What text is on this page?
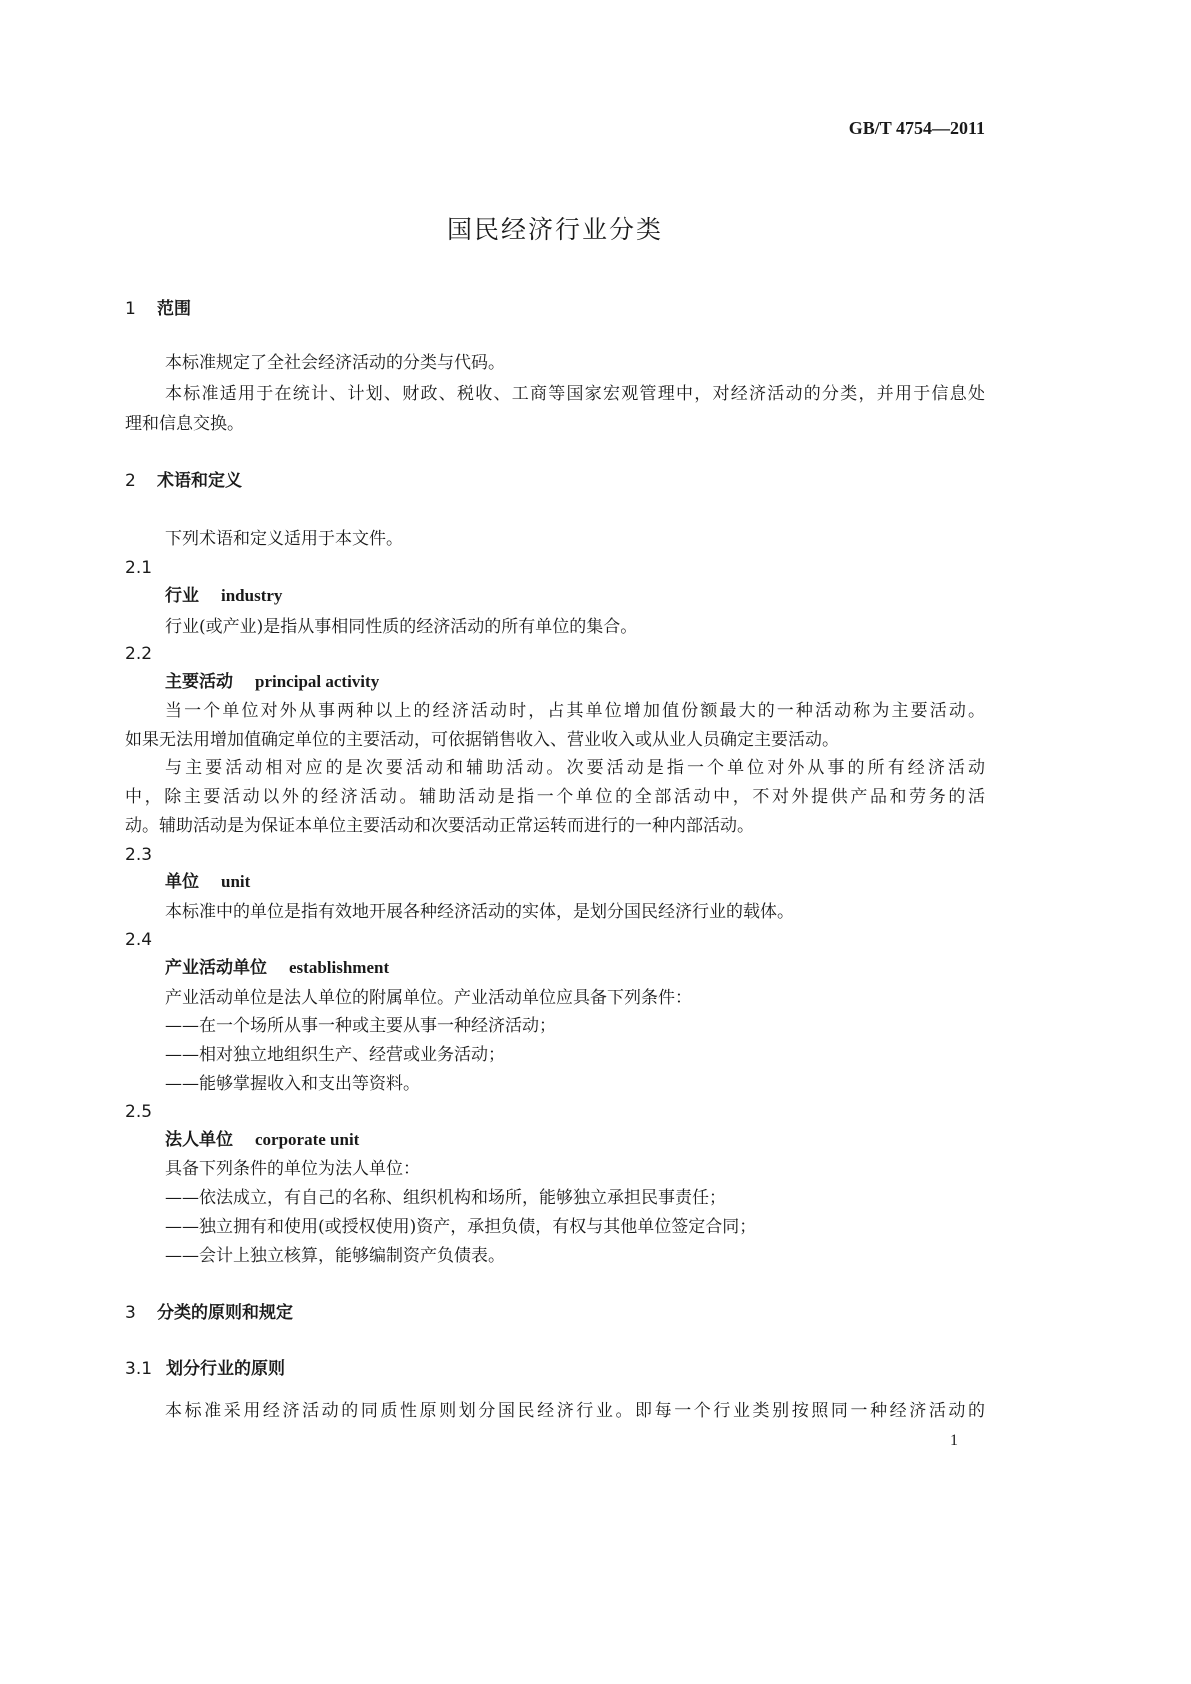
GB/T 4754—2011
国民经济行业分类
1 范围
本标准规定了全社会经济活动的分类与代码。
本标准适用于在统计、计划、财政、税收、工商等国家宏观管理中，对经济活动的分类，并用于信息处
理和信息交换。
2 术语和定义
下列术语和定义适用于本文件。
2.1
行业 industry
行业(或产业)是指从事相同性质的经济活动的所有单位的集合。
2.2
主要活动 principal activity
当一个单位对外从事两种以上的经济活动时，占其单位增加值份额最大的一种活动称为主要活动。
如果无法用增加值确定单位的主要活动，可依据销售收入、营业收入或从业人员确定主要活动。
与主要活动相对应的是次要活动和辅助活动。次要活动是指一个单位对外从事的所有经济活动
中，除主要活动以外的经济活动。辅助活动是指一个单位的全部活动中，不对外提供产品和劳务的活
动。辅助活动是为保证本单位主要活动和次要活动正常运转而进行的一种内部活动。
2.3
单位 unit
本标准中的单位是指有效地开展各种经济活动的实体，是划分国民经济行业的载体。
2.4
产业活动单位 establishment
产业活动单位是法人单位的附属单位。产业活动单位应具备下列条件：
——在一个场所从事一种或主要从事一种经济活动；
——相对独立地组织生产、经营或业务活动；
——能够掌握收入和支出等资料。
2.5
法人单位 corporate unit
具备下列条件的单位为法人单位：
——依法成立，有自己的名称、组织机构和场所，能够独立承担民事责任；
——独立拥有和使用(或授权使用)资产，承担负债，有权与其他单位签定合同；
——会计上独立核算，能够编制资产负债表。
3 分类的原则和规定
3.1 划分行业的原则
本标准采用经济活动的同质性原则划分国民经济行业。即每一个行业类别按照同一种经济活动的
1
